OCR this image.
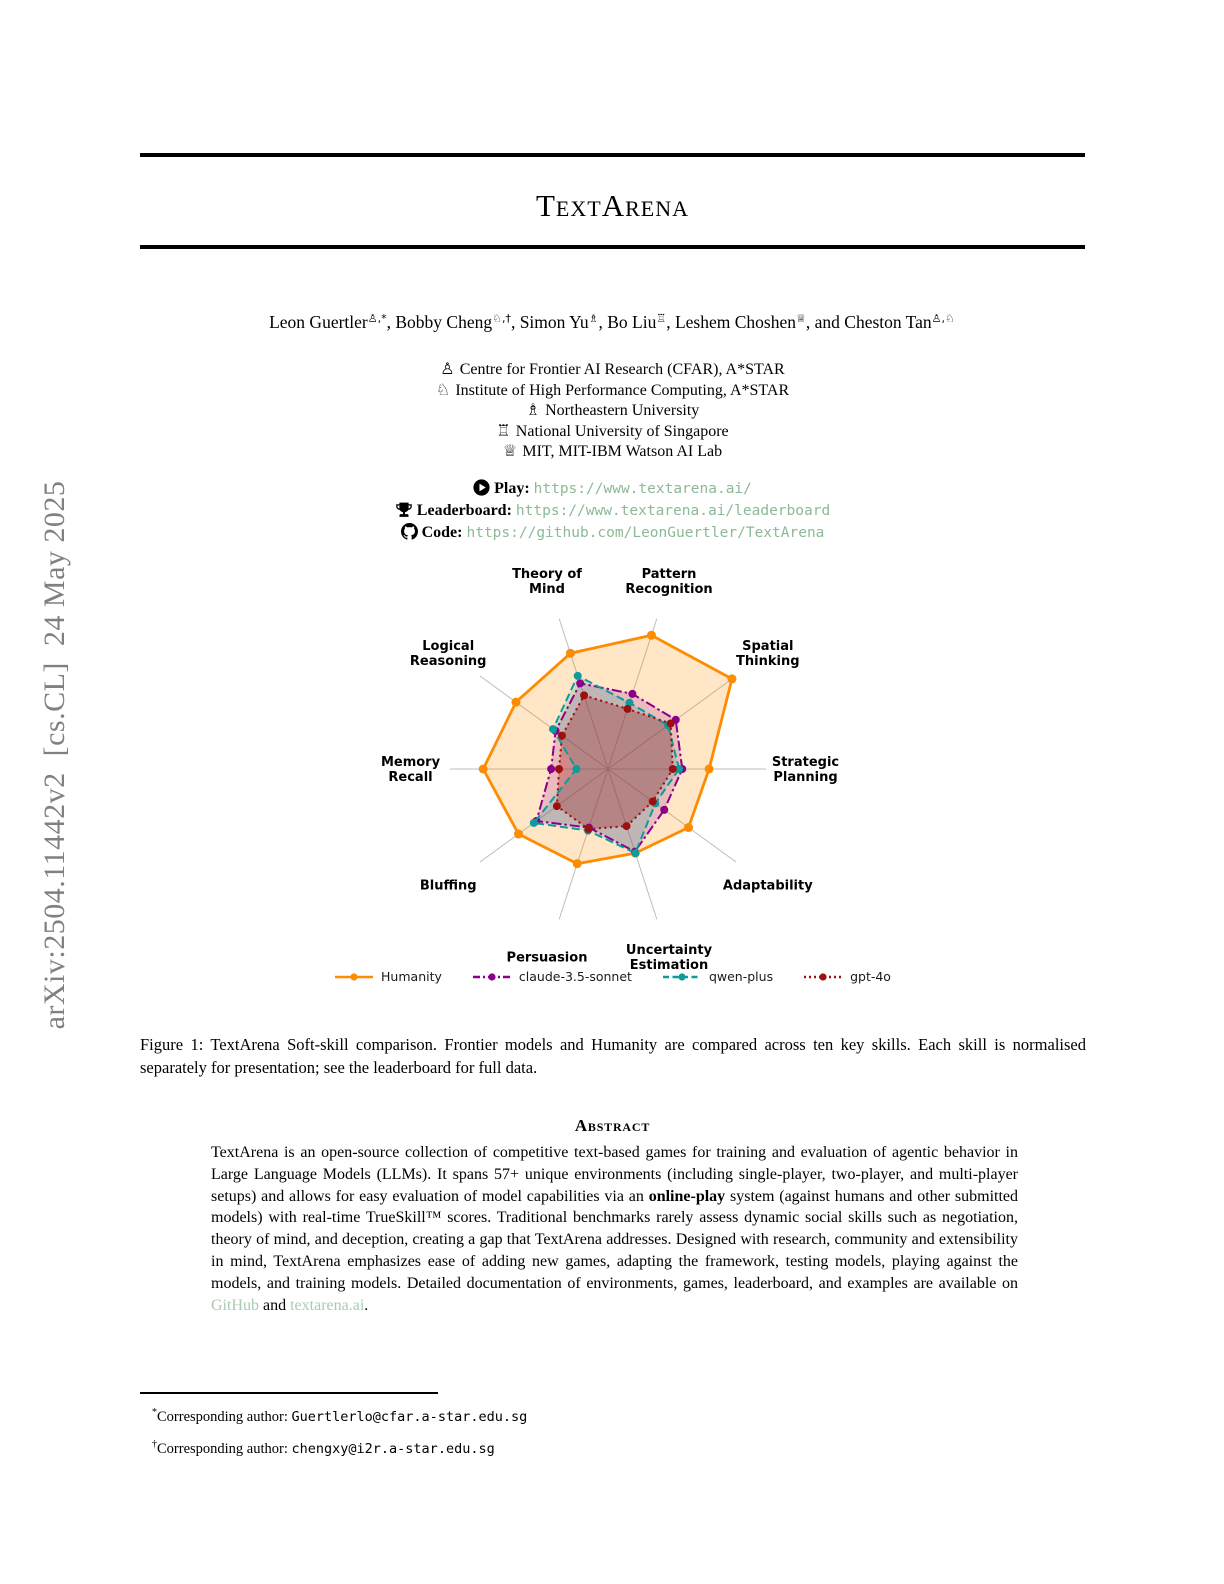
arXiv:2504.11442v2  [cs.CL]  24 May 2025
TextArena
Leon Guertler♙,*, Bobby Cheng♘,†, Simon Yu♗, Bo Liu♖, Leshem Choshen♕, and Cheston Tan♙,♘
♙ Centre for Frontier AI Research (CFAR), A*STAR
♘ Institute of High Performance Computing, A*STAR
♗ Northeastern University
♖ National University of Singapore
♕ MIT, MIT-IBM Watson AI Lab
Play: https://www.textarena.ai/
Leaderboard: https://www.textarena.ai/leaderboard
Code: https://github.com/LeonGuertler/TextArena
Strategic Planning
Spatial Thinking
Pattern Recognition
Theory of Mind
Logical Reasoning
Memory Recall
Bluffing
Persuasion	Uncertainty Estimation
Adaptability
Humanity	claude-3.5-sonnet	qwen-plus	gpt-4o
Figure 1: TextArena Soft-skill comparison. Frontier models and Humanity are compared across ten key skills. Each skill is normalised separately for presentation; see the leaderboard for full data.
Abstract
TextArena is an open-source collection of competitive text-based games for training and evaluation of agentic behavior in Large Language Models (LLMs). It spans 57+ unique environments (including single-player, two-player, and multi-player setups) and allows for easy evaluation of model capabilities via an online-play system (against humans and other submitted models) with real-time TrueSkill™ scores. Traditional benchmarks rarely assess dynamic social skills such as negotiation, theory of mind, and deception, creating a gap that TextArena addresses. Designed with research, community and extensibility in mind, TextArena emphasizes ease of adding new games, adapting the framework, testing models, playing against the models, and training models. Detailed documentation of environments, games, leaderboard, and examples are available on GitHub and textarena.ai.
*Corresponding author: Guertlerlo@cfar.a-star.edu.sg
†Corresponding author: chengxy@i2r.a-star.edu.sg
